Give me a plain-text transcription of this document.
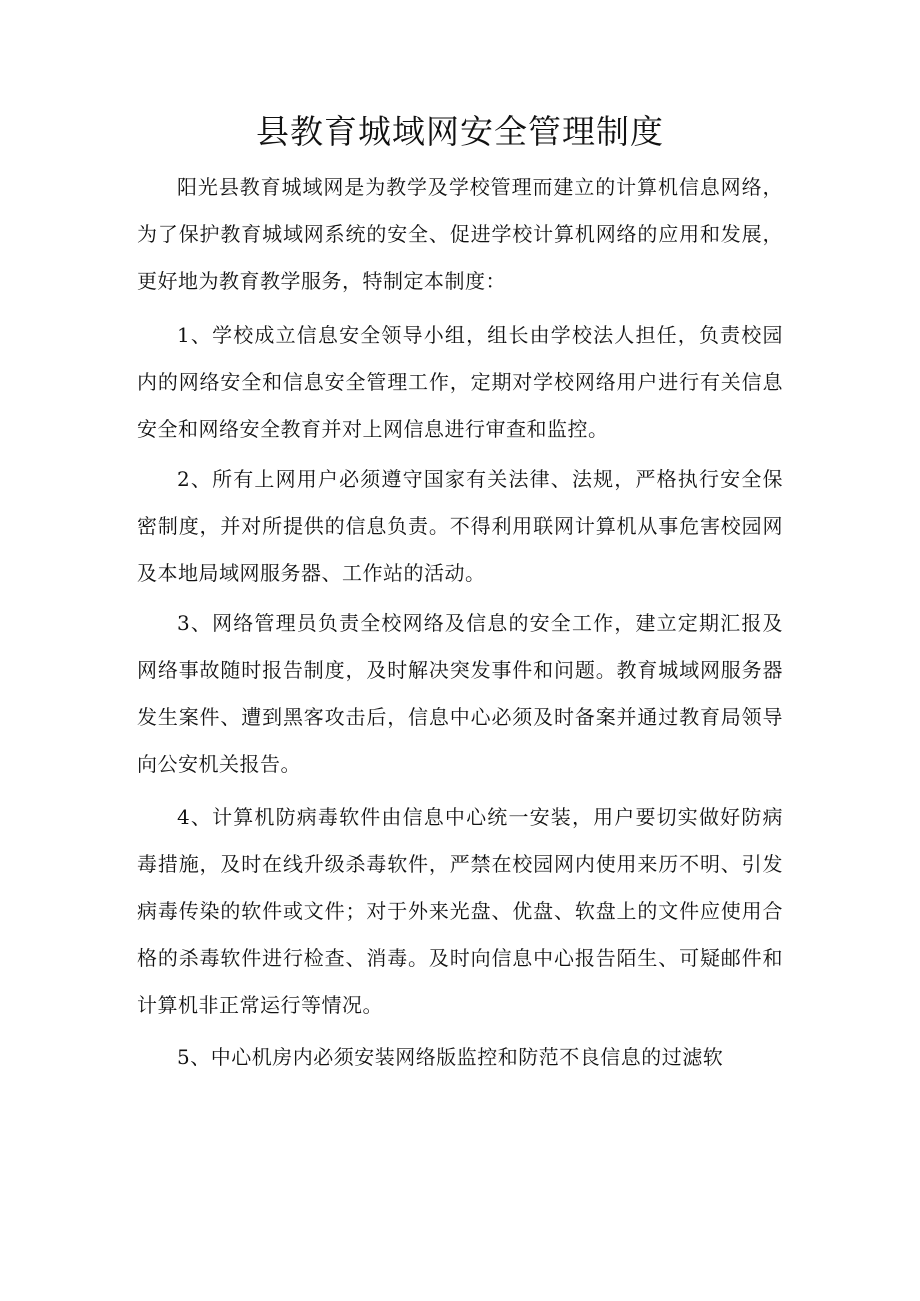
县教育城域网安全管理制度

阳光县教育城域网是为教学及学校管理而建立的计算机信息网络，为了保护教育城域网系统的安全、促进学校计算机网络的应用和发展，更好地为教育教学服务，特制定本制度：

1、学校成立信息安全领导小组，组长由学校法人担任，负责校园内的网络安全和信息安全管理工作，定期对学校网络用户进行有关信息安全和网络安全教育并对上网信息进行审查和监控。

2、所有上网用户必须遵守国家有关法律、法规，严格执行安全保密制度，并对所提供的信息负责。不得利用联网计算机从事危害校园网及本地局域网服务器、工作站的活动。

3、网络管理员负责全校网络及信息的安全工作，建立定期汇报及网络事故随时报告制度，及时解决突发事件和问题。教育城域网服务器发生案件、遭到黑客攻击后，信息中心必须及时备案并通过教育局领导向公安机关报告。

4、计算机防病毒软件由信息中心统一安装，用户要切实做好防病毒措施，及时在线升级杀毒软件，严禁在校园网内使用来历不明、引发病毒传染的软件或文件；对于外来光盘、优盘、软盘上的文件应使用合格的杀毒软件进行检查、消毒。及时向信息中心报告陌生、可疑邮件和计算机非正常运行等情况。

5、中心机房内必须安装网络版监控和防范不良信息的过滤软
